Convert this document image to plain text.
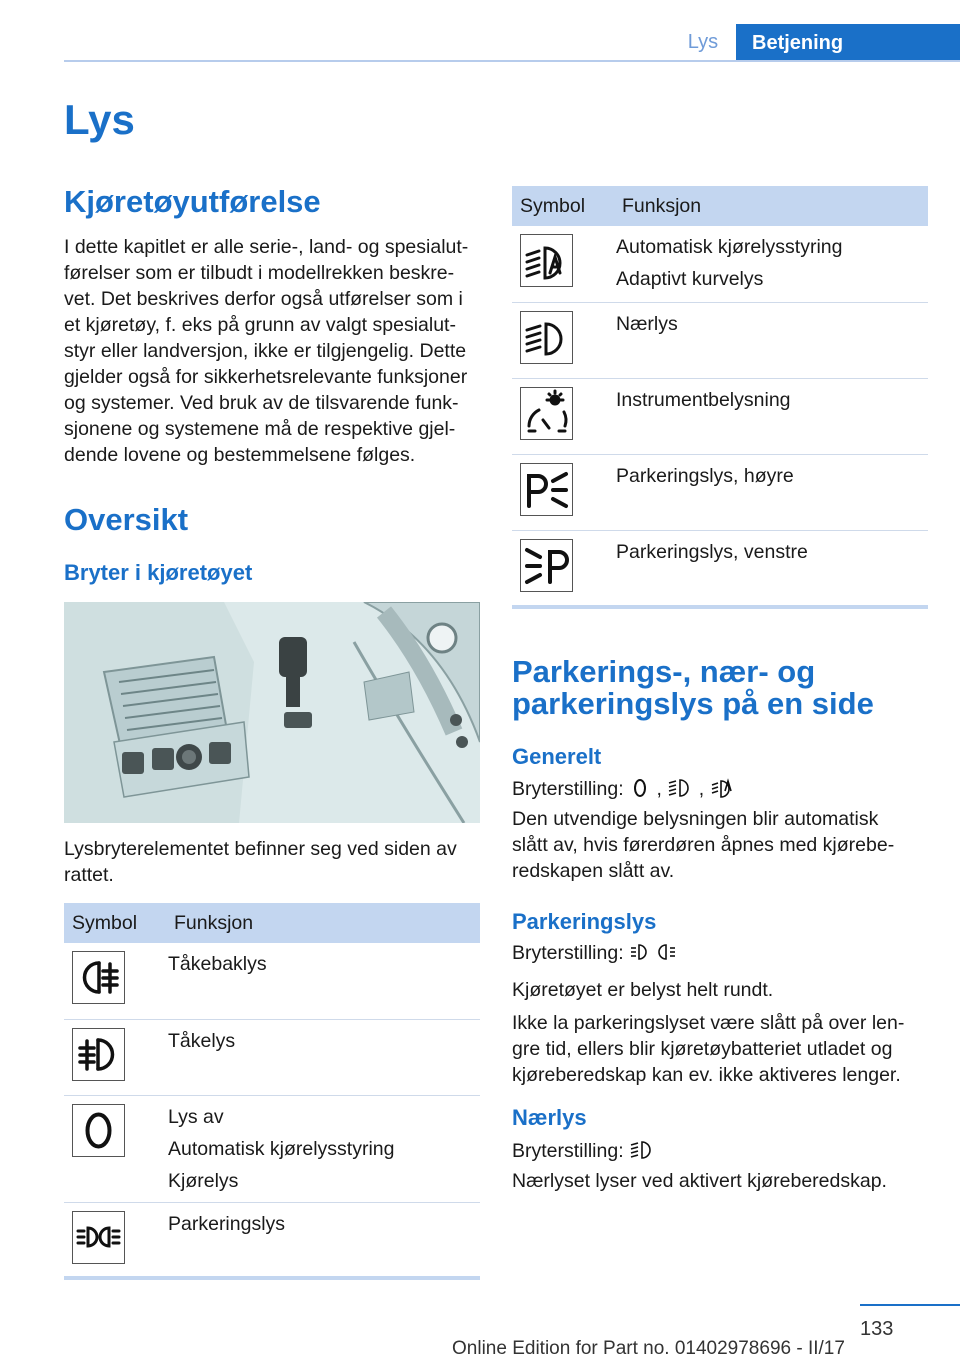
Lys	Betjening
Lys
Kjøretøyutførelse
I dette kapitlet er alle serie-, land- og spesialut-
førelser som er tilbudt i modellrekken beskre-
vet. Det beskrives derfor også utførelser som i
et kjøretøy, f. eks på grunn av valgt spesialut-
styr eller landversjon, ikke er tilgjengelig. Dette
gjelder også for sikkerhetsrelevante funksjoner
og systemer. Ved bruk av de tilsvarende funk-
sjonene og systemene må de respektive gjel-
dende lovene og bestemmelsene følges.
Oversikt
Bryter i kjøretøyet
Lysbryterelementet befinner seg ved siden av
rattet.
Symbol	Funksjon

Tåkebaklys

Tåkelys

Lys av
Automatisk kjørelysstyring
Kjørelys

Parkeringslys
Symbol	Funksjon

Automatisk kjørelysstyring
Adaptivt kurvelys

Nærlys

Instrumentbelysning

Parkeringslys, høyre

Parkeringslys, venstre
Parkerings-, nær- og
parkeringslys på en side
Generelt
Bryterstilling:  ,  ,
Den utvendige belysningen blir automatisk
slått av, hvis førerdøren åpnes med kjørebe-
redskapen slått av.
Parkeringslys
Bryterstilling:
Kjøretøyet er belyst helt rundt.
Ikke la parkeringslyset være slått på over len-
gre tid, ellers blir kjøretøybatteriet utladet og
kjøreberedskap kan ev. ikke aktiveres lenger.
Nærlys
Bryterstilling:
Nærlyset lyser ved aktivert kjøreberedskap.
133
Online Edition for Part no. 01402978696 - II/17
